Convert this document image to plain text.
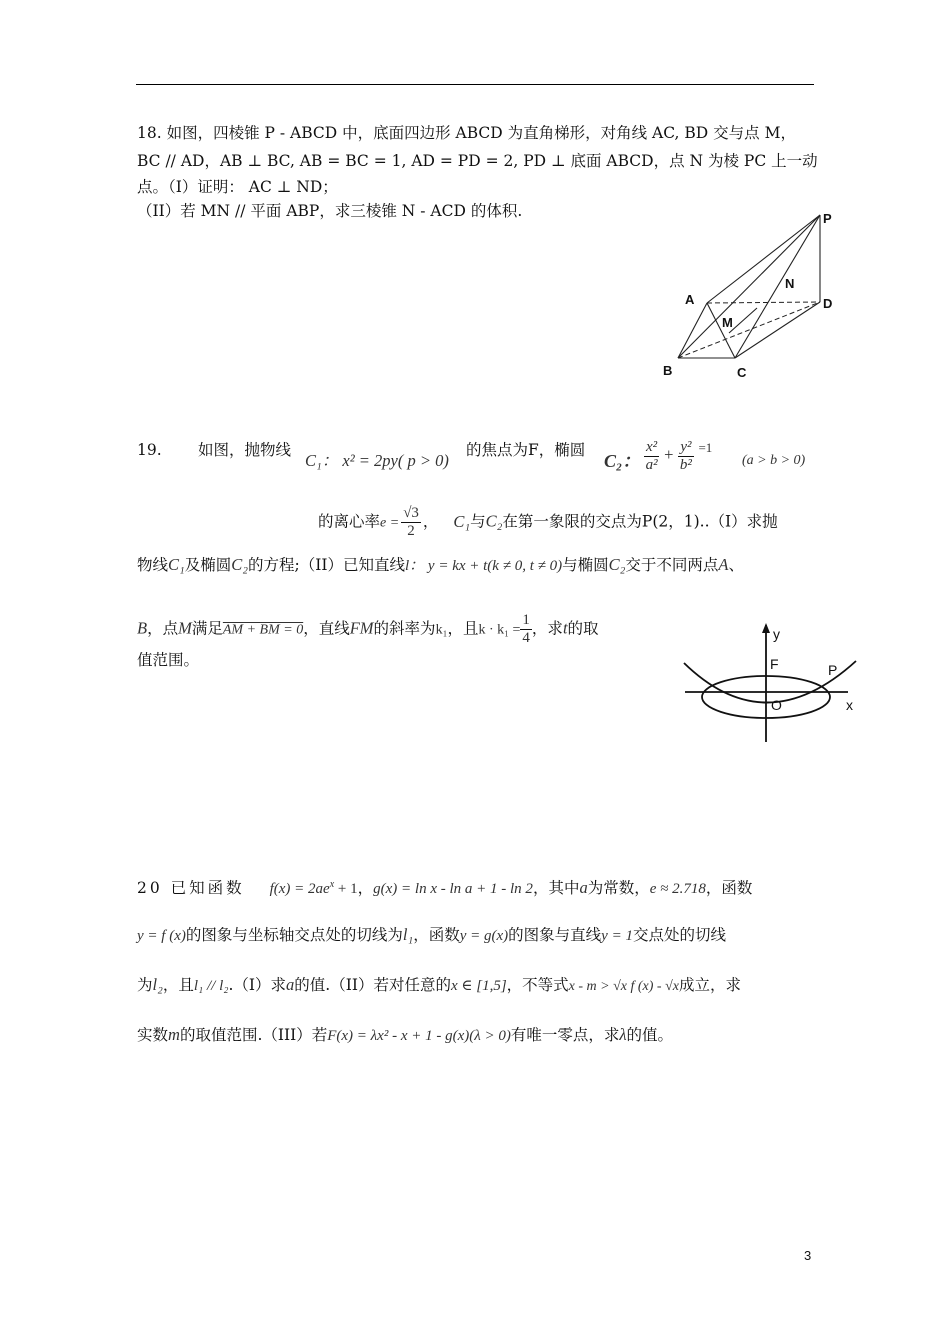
18. 如图，四棱锥 P - ABCD 中，底面四边形 ABCD 为直角梯形，对角线 AC, BD 交与点 M，
BC // AD，AB ⊥ BC, AB = BC = 1, AD = PD = 2, PD ⊥ 底面 ABCD，点 N 为棱 PC 上一动
点。（I）证明： AC ⊥ ND；
（II）若 MN // 平面 ABP，求三棱锥 N - ACD 的体积.	P
A	D
N
M
B	C
19. 如图，抛物线
C₁： x² = 2py( p > 0)
的焦点为F，椭圆
C₂： $\frac{\text{x²}}{\text{a²}} + \frac{\text{y²}}{\text{b²}} ^{=1}$
(a > b > 0)
的离心率$e = \frac{√3}{2}$ ， C₁与C₂在第一象限的交点为P(2，1)..（I）求抛
物线C₁及椭圆C₂的方程;（II）已知直线l： y = kx + t(k ≠ 0, t ≠ 0)与椭圆C₂交于不同两点A、
B，点M满足AM + BM = 0，直线FM的斜率为k₁，且$k \cdot k_1 = \frac{1}{4}$ ，求t的取
值范围。
y
F	P
O	x
20 已知函数 $f(x) = 2ae^x + 1$，g(x) = ln x - ln a + 1 - ln 2，其中a为常数，e ≈ 2.718，函数
y = f (x)的图象与坐标轴交点处的切线为l₁，函数y = g(x)的图象与直线y = 1交点处的切线
为l₂，且l₁ // l₂.（I）求a的值.（II）若对任意的x ∈ [1,5]，不等式x - m > √x f (x) - √x成立，求
实数m的取值范围.（III）若F(x) = λx² - x + 1 - g(x)(λ > 0)有唯一零点，求λ的值。
3
